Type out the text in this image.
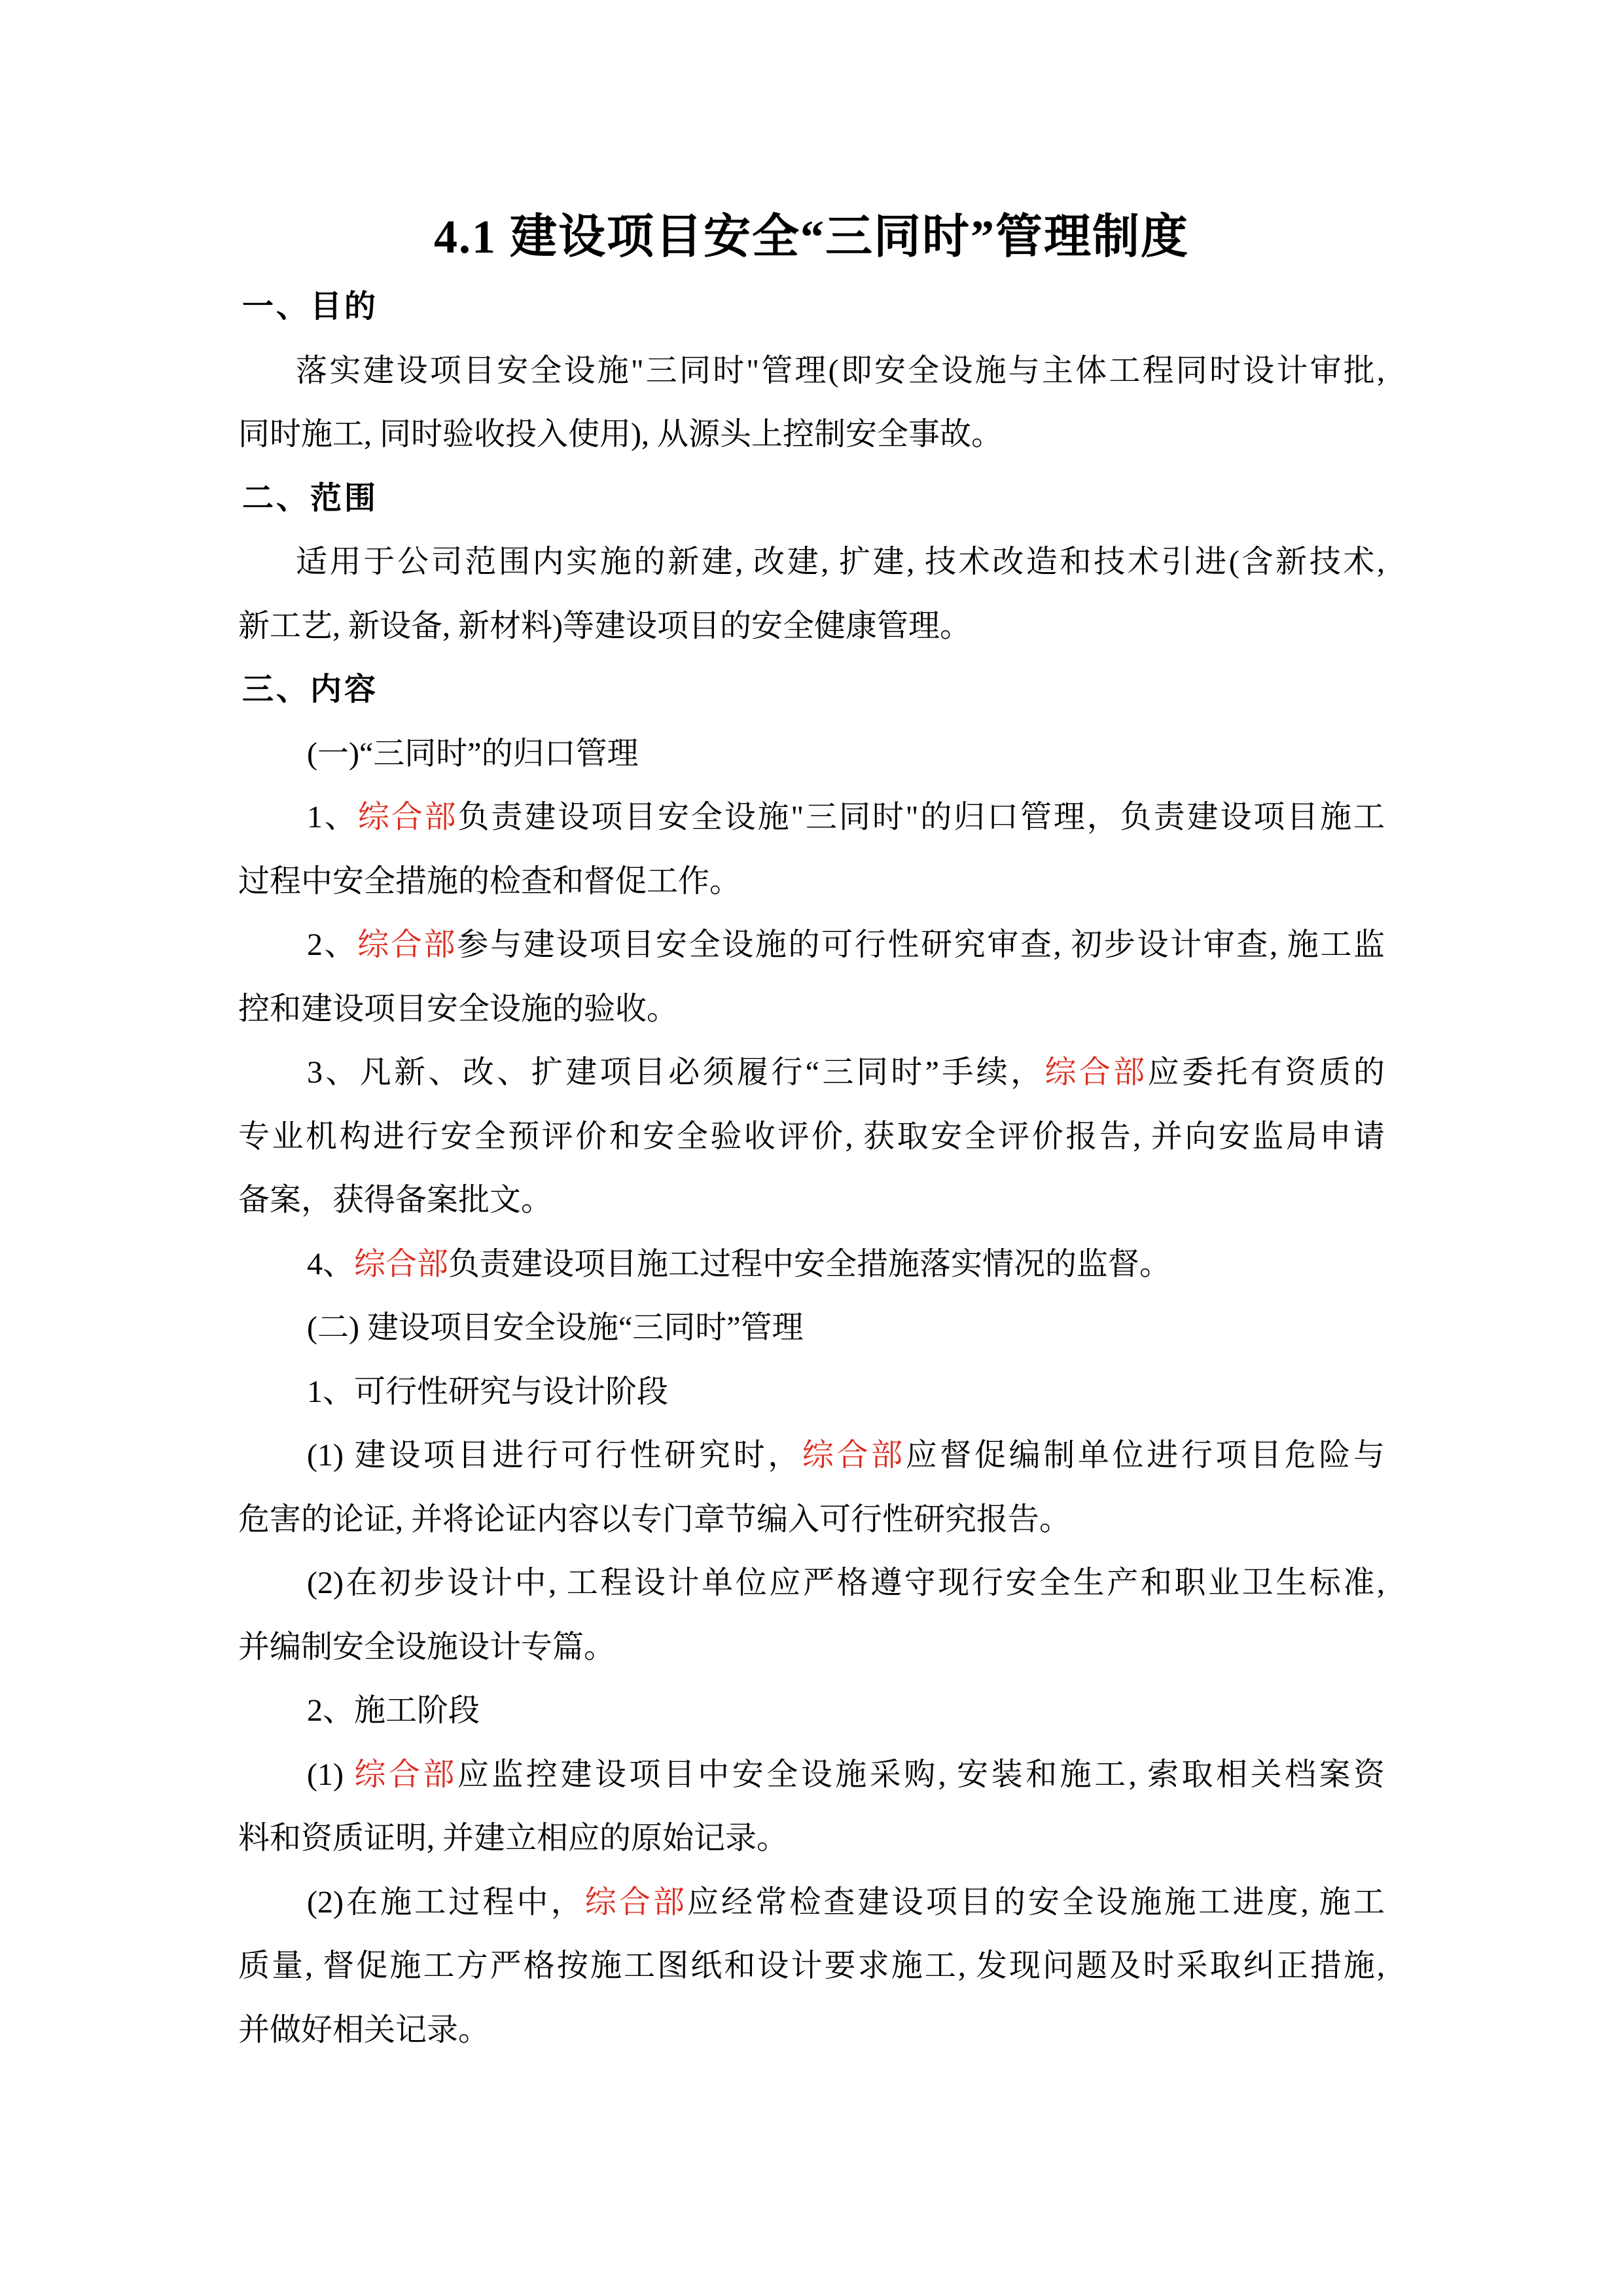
4.1 建设项目安全“三同时”管理制度
一、目的
落实建设项目安全设施"三同时"管理(即安全设施与主体工程同时设计审批,
同时施工, 同时验收投入使用), 从源头上控制安全事故。
二、范围
适用于公司范围内实施的新建, 改建, 扩建, 技术改造和技术引进(含新技术,
新工艺, 新设备, 新材料)等建设项目的安全健康管理。
三、内容
(一)“三同时”的归口管理
1、综合部负责建设项目安全设施"三同时"的归口管理，负责建设项目施工
过程中安全措施的检查和督促工作。
2、综合部参与建设项目安全设施的可行性研究审查, 初步设计审查, 施工监
控和建设项目安全设施的验收。
3、凡新、改、扩建项目必须履行“三同时”手续，综合部应委托有资质的
专业机构进行安全预评价和安全验收评价, 获取安全评价报告, 并向安监局申请
备案，获得备案批文。
4、综合部负责建设项目施工过程中安全措施落实情况的监督。
(二) 建设项目安全设施“三同时”管理
1、可行性研究与设计阶段
(1) 建设项目进行可行性研究时，综合部应督促编制单位进行项目危险与
危害的论证, 并将论证内容以专门章节编入可行性研究报告。
(2)在初步设计中, 工程设计单位应严格遵守现行安全生产和职业卫生标准,
并编制安全设施设计专篇。
2、施工阶段
(1) 综合部应监控建设项目中安全设施采购, 安装和施工, 索取相关档案资
料和资质证明, 并建立相应的原始记录。
(2)在施工过程中，综合部应经常检查建设项目的安全设施施工进度, 施工
质量, 督促施工方严格按施工图纸和设计要求施工, 发现问题及时采取纠正措施,
并做好相关记录。
